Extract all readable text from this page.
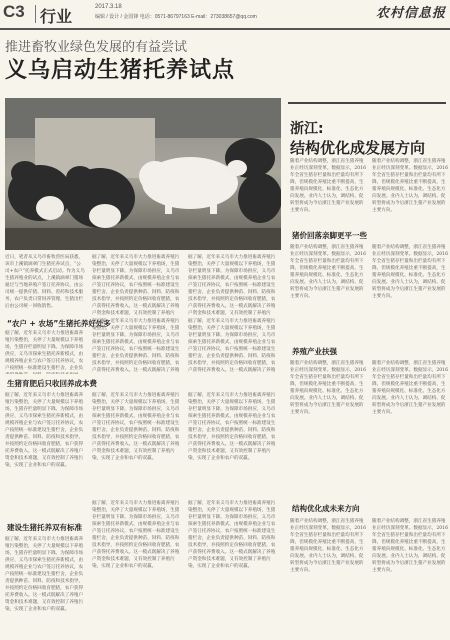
C3 行业
2017.3.18
编辑 / 设计 / 金国锋 电话：0571-86797163 E-mail：273038657@qq.com	农村信息报
推进畜牧业绿色发展的有益尝试
义乌启动生猪托养试点
浙江:
结构优化成发展方向
随着产业结构调整，浙江省生猪养殖业正经历深刻变革。数据显示，2016年全省生猪存栏量和出栏量均有所下降，但规模化养殖比重不断提高，生猪养殖向规模化、标准化、生态化方向发展。业内人士认为，调结构、促转型将成为今后浙江生猪产业发展的主要方向。
随着产业结构调整，浙江省生猪养殖业正经历深刻变革。数据显示，2016年全省生猪存栏量和出栏量均有所下降，但规模化养殖比重不断提高，生猪养殖向规模化、标准化、生态化方向发展。业内人士认为，调结构、促转型将成为今后浙江生猪产业发展的主要方向。
猪价回落亲脚更平一些
随着产业结构调整，浙江省生猪养殖业正经历深刻变革。数据显示，2016年全省生猪存栏量和出栏量均有所下降，但规模化养殖比重不断提高，生猪养殖向规模化、标准化、生态化方向发展。业内人士认为，调结构、促转型将成为今后浙江生猪产业发展的主要方向。
随着产业结构调整，浙江省生猪养殖业正经历深刻变革。数据显示，2016年全省生猪存栏量和出栏量均有所下降，但规模化养殖比重不断提高，生猪养殖向规模化、标准化、生态化方向发展。业内人士认为，调结构、促转型将成为今后浙江生猪产业发展的主要方向。
养殖产业扶强
随着产业结构调整，浙江省生猪养殖业正经历深刻变革。数据显示，2016年全省生猪存栏量和出栏量均有所下降，但规模化养殖比重不断提高，生猪养殖向规模化、标准化、生态化方向发展。业内人士认为，调结构、促转型将成为今后浙江生猪产业发展的主要方向。
随着产业结构调整，浙江省生猪养殖业正经历深刻变革。数据显示，2016年全省生猪存栏量和出栏量均有所下降，但规模化养殖比重不断提高，生猪养殖向规模化、标准化、生态化方向发展。业内人士认为，调结构、促转型将成为今后浙江生猪产业发展的主要方向。
结构优化成未来方向
随着产业结构调整，浙江省生猪养殖业正经历深刻变革。数据显示，2016年全省生猪存栏量和出栏量均有所下降，但规模化养殖比重不断提高，生猪养殖向规模化、标准化、生态化方向发展。业内人士认为，调结构、促转型将成为今后浙江生猪产业发展的主要方向。
随着产业结构调整，浙江省生猪养殖业正经历深刻变革。数据显示，2016年全省生猪存栏量和出栏量均有所下降，但规模化养殖比重不断提高，生猪养殖向规模化、标准化、生态化方向发展。业内人士认为，调结构、促转型将成为今后浙江生猪产业发展的主要方向。
近日，笔者从义乌市畜牧兽医局获悉，该市上溪镇滴翠门生猪托养试点，“公司+农户”托养模式正式启动。作为义乌生猪养殖业的试点，上溪镇滴翠门猪场通过与当地养殖户签订托养协议，由公司统一提供仔猪、饲料、兽药和技术服务，农户负责日常饲养管理，生猪出栏后由公司统一回收销售。
据了解，近年来义乌市大力推进畜禽养殖污染整治，关停了大量规模以下养殖场，生猪存栏量明显下降。为保障市场供应，义乌市探索生猪托养新模式，由规模养殖企业与农户签订托养协议，农户按照统一标准建设生猪栏舍，企业负责提供种苗、饲料、防疫和技术指导，并按照约定价格回收育肥猪，农户获得托养费收入。这一模式既解决了养殖户资金和技术难题，又有效控制了养殖污
据了解，近年来义乌市大力推进畜禽养殖污染整治，关停了大量规模以下养殖场，生猪存栏量明显下降。为保障市场供应，义乌市探索生猪托养新模式，由规模养殖企业与农户签订托养协议，农户按照统一标准建设生猪栏舍，企业负责提供种苗、饲料、防疫和技术指导，并按照约定价格回收育肥猪，农户获得托养费收入。这一模式既解决了养殖户资金和技术难题，又有效控制了养殖污
“农户 + 农场”生猪托养好处多
据了解，近年来义乌市大力推进畜禽养殖污染整治，关停了大量规模以下养殖场，生猪存栏量明显下降。为保障市场供应，义乌市探索生猪托养新模式，由规模养殖企业与农户签订托养协议，农户按照统一标准建设生猪栏舍，企业负
据了解，近年来义乌市大力推进畜禽养殖污染整治，关停了大量规模以下养殖场，生猪存栏量明显下降。为保障市场供应，义乌市探索生猪托养新模式，由规模养殖企业与农户签订托养协议，农户按照统一标准建设生猪栏舍，企业负责提供种苗、饲料、防疫和技术指导，并按照约定价格回收育肥猪，农户获得托养费收入。这一模式既解决了养殖
据了解，近年来义乌市大力推进畜禽养殖污染整治，关停了大量规模以下养殖场，生猪存栏量明显下降。为保障市场供应，义乌市探索生猪托养新模式，由规模养殖企业与农户签订托养协议，农户按照统一标准建设生猪栏舍，企业负责提供种苗、饲料、防疫和技术指导，并按照约定价格回收育肥猪，农户获得托养费收入。这一模式既解决了养殖
生猪育肥后只收回养成本费
据了解，近年来义乌市大力推进畜禽养殖污染整治，关停了大量规模以下养殖场，生猪存栏量明显下降。为保障市场供应，义乌市探索生猪托养新模式，由规模养殖企业与农户签订托养协议，农户按照统一标准建设生猪栏舍，企业负责提供种苗、饲料、防疫和技术指导，并按照约定价格回收育肥猪，农户获得托养费收入。这一模式既解决了养殖户资金和技术难题，又有效控制了养殖污染，实现了企业和农户的双赢。
据了解，近年来义乌市大力推进畜禽养殖污染整治，关停了大量规模以下养殖场，生猪存栏量明显下降。为保障市场供应，义乌市探索生猪托养新模式，由规模养殖企业与农户签订托养协议，农户按照统一标准建设生猪栏舍，企业负责提供种苗、饲料、防疫和技术指导，并按照约定价格回收育肥猪，农户获得托养费收入。这一模式既解决了养殖户资金和技术难题，又有效控制了养殖污染，实现了企业和农户的双赢。
据了解，近年来义乌市大力推进畜禽养殖污染整治，关停了大量规模以下养殖场，生猪存栏量明显下降。为保障市场供应，义乌市探索生猪托养新模式，由规模养殖企业与农户签订托养协议，农户按照统一标准建设生猪栏舍，企业负责提供种苗、饲料、防疫和技术指导，并按照约定价格回收育肥猪，农户获得托养费收入。这一模式既解决了养殖户资金和技术难题，又有效控制了养殖污染，实现了企业和农户的双赢。
建设生猪托养双有标准
据了解，近年来义乌市大力推进畜禽养殖污染整治，关停了大量规模以下养殖场，生猪存栏量明显下降。为保障市场供应，义乌市探索生猪托养新模式，由规模养殖企业与农户签订托养协议，农户按照统一标准建设生猪栏舍，企业负责提供种苗、饲料、防疫和技术指导，并按照约定价格回收育肥猪，农户获得托养费收入。这一模式既解决了养殖户资金和技术难题，又有效控制了养殖污染，实现了企业和农户的双赢。
据了解，近年来义乌市大力推进畜禽养殖污染整治，关停了大量规模以下养殖场，生猪存栏量明显下降。为保障市场供应，义乌市探索生猪托养新模式，由规模养殖企业与农户签订托养协议，农户按照统一标准建设生猪栏舍，企业负责提供种苗、饲料、防疫和技术指导，并按照约定价格回收育肥猪，农户获得托养费收入。这一模式既解决了养殖户资金和技术难题，又有效控制了养殖污染，实现了企业和农户的双赢。
据了解，近年来义乌市大力推进畜禽养殖污染整治，关停了大量规模以下养殖场，生猪存栏量明显下降。为保障市场供应，义乌市探索生猪托养新模式，由规模养殖企业与农户签订托养协议，农户按照统一标准建设生猪栏舍，企业负责提供种苗、饲料、防疫和技术指导，并按照约定价格回收育肥猪，农户获得托养费收入。这一模式既解决了养殖户资金和技术难题，又有效控制了养殖污染，实现了企业和农户的双赢。
